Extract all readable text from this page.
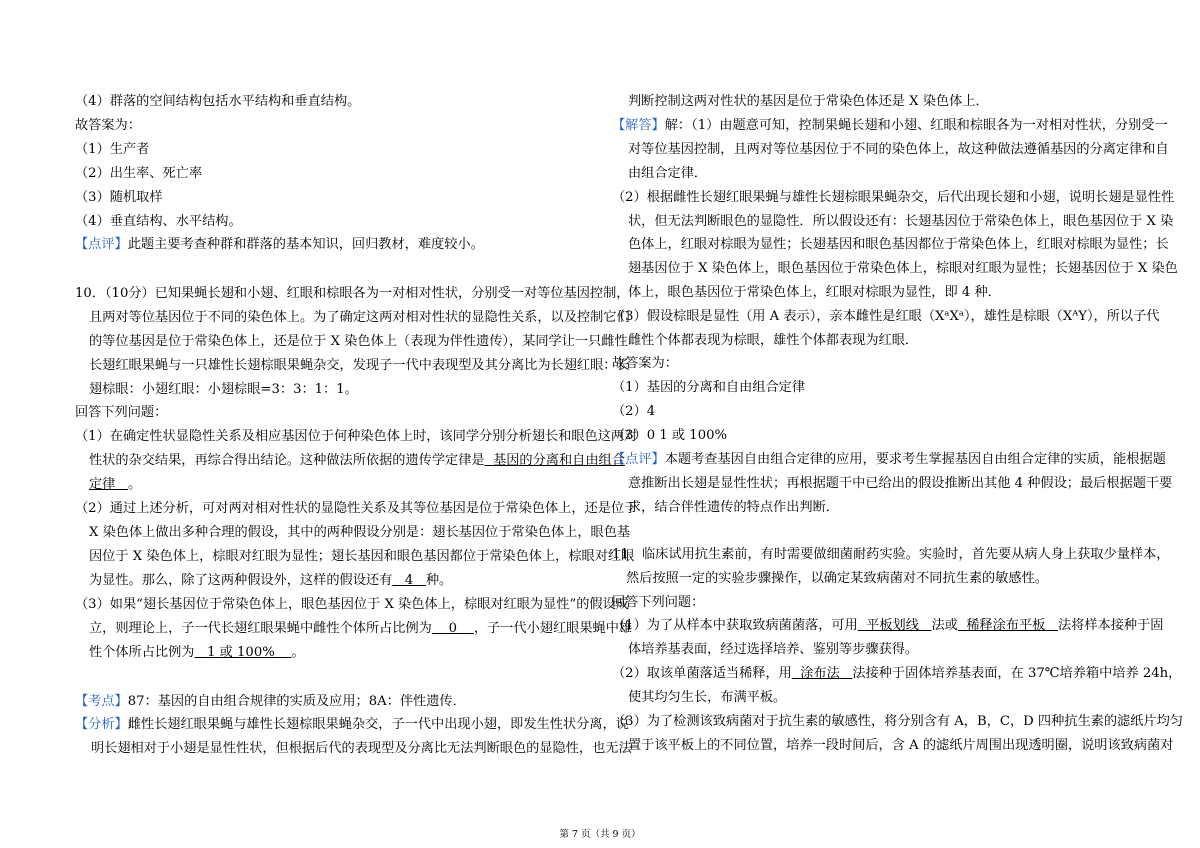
（4）群落的空间结构包括水平结构和垂直结构。
故答案为：
（1）生产者
（2）出生率、死亡率
（3）随机取样
（4）垂直结构、水平结构。
【点评】此题主要考查种群和群落的基本知识，回归教材，难度较小。
10．（10分）已知果蝇长翅和小翅、红眼和棕眼各为一对相对性状，分别受一对等位基因控制，
且两对等位基因位于不同的染色体上。为了确定这两对相对性状的显隐性关系，以及控制它们
的等位基因是位于常染色体上，还是位于 X 染色体上（表现为伴性遗传），某同学让一只雌性
长翅红眼果蝇与一只雄性长翅棕眼果蝇杂交，发现子一代中表现型及其分离比为长翅红眼：长
翅棕眼：小翅红眼：小翅棕眼=3：3：1：1。
回答下列问题：
（1）在确定性状显隐性关系及相应基因位于何种染色体上时，该同学分别分析翅长和眼色这两对
性状的杂交结果，再综合得出结论。这种做法所依据的遗传学定律是 基因的分离和自由组合
定律 。
（2）通过上述分析，可对两对相对性状的显隐性关系及其等位基因是位于常染色体上，还是位于
X 染色体上做出多种合理的假设，其中的两种假设分别是：翅长基因位于常染色体上，眼色基
因位于 X 染色体上，棕眼对红眼为显性；翅长基因和眼色基因都位于常染色体上，棕眼对红眼
为显性。那么，除了这两种假设外，这样的假设还有 4 种。
（3）如果“翅长基因位于常染色体上，眼色基因位于 X 染色体上，棕眼对红眼为显性”的假设成
立，则理论上，子一代长翅红眼果蝇中雌性个体所占比例为 0 ，子一代小翅红眼果蝇中雄
性个体所占比例为 1 或 100% 。
【考点】87：基因的自由组合规律的实质及应用；8A：伴性遗传．
【分析】雌性长翅红眼果蝇与雄性长翅棕眼果蝇杂交，子一代中出现小翅，即发生性状分离，说
明长翅相对于小翅是显性性状，但根据后代的表现型及分离比无法判断眼色的显隐性，也无法
判断控制这两对性状的基因是位于常染色体还是 X 染色体上．
【解答】解：（1）由题意可知，控制果蝇长翅和小翅、红眼和棕眼各为一对相对性状，分别受一
对等位基因控制，且两对等位基因位于不同的染色体上，故这种做法遵循基因的分离定律和自
由组合定律．
（2）根据雌性长翅红眼果蝇与雄性长翅棕眼果蝇杂交，后代出现长翅和小翅，说明长翅是显性性
状，但无法判断眼色的显隐性．所以假设还有：长翅基因位于常染色体上，眼色基因位于 X 染
色体上，红眼对棕眼为显性；长翅基因和眼色基因都位于常染色体上，红眼对棕眼为显性；长
翅基因位于 X 染色体上，眼色基因位于常染色体上，棕眼对红眼为显性；长翅基因位于 X 染色
体上，眼色基因位于常染色体上，红眼对棕眼为显性，即 4 种．
（3）假设棕眼是显性（用 A 表示），亲本雌性是红眼（XᵃXᵃ），雄性是棕眼（XᴬY），所以子代
雌性个体都表现为棕眼，雄性个体都表现为红眼．
故答案为：
（1）基因的分离和自由组合定律
（2）4
（3）0 1 或 100%
【点评】本题考查基因自由组合定律的应用，要求考生掌握基因自由组合定律的实质，能根据题
意推断出长翅是显性性状；再根据题干中已给出的假设推断出其他 4 种假设；最后根据题干要
求，结合伴性遗传的特点作出判断．
11．临床试用抗生素前，有时需要做细菌耐药实验。实验时，首先要从病人身上获取少量样本，
然后按照一定的实验步骤操作，以确定某致病菌对不同抗生素的敏感性。
回答下列问题：
（1）为了从样本中获取致病菌菌落，可用 平板划线 法或 稀释涂布平板 法将样本接种于固
体培养基表面，经过选择培养、鉴别等步骤获得。
（2）取该单菌落适当稀释，用 涂布法 法接种于固体培养基表面，在 37℃培养箱中培养 24h，
使其均匀生长，布满平板。
（3）为了检测该致病菌对于抗生素的敏感性，将分别含有 A，B，C，D 四种抗生素的滤纸片均匀
置于该平板上的不同位置，培养一段时间后，含 A 的滤纸片周围出现透明圈，说明该致病菌对
第 7 页（共 9 页）
